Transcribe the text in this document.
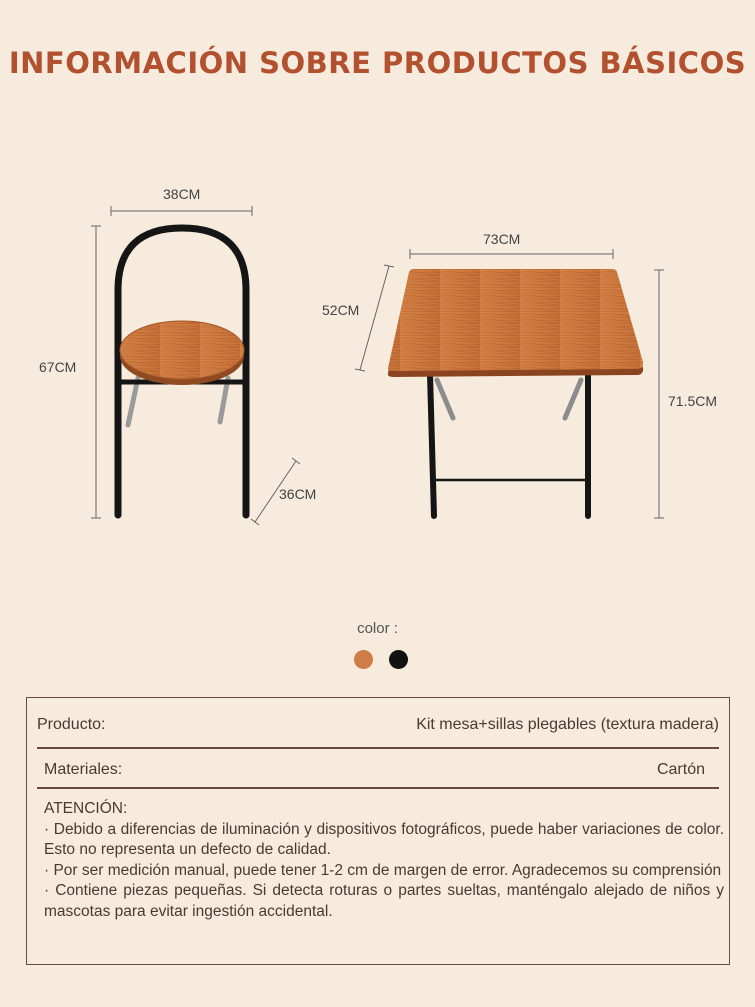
INFORMACIÓN SOBRE PRODUCTOS BÁSICOS
38CM
67CM
36CM
73CM
52CM
71.5CM
color :
Producto:	Kit mesa+sillas plegables (textura madera)
Materiales:	Cartón

ATENCIÓN:

· Debido a diferencias de iluminación y dispositivos fotográficos, puede haber variaciones de color. Esto no representa un defecto de calidad.

· Por ser medición manual, puede tener 1-2 cm de margen de error. Agradecemos su comprensión

· Contiene piezas pequeñas. Si detecta roturas o partes sueltas, manténgalo alejado de niños y mascotas para evitar ingestión accidental.
